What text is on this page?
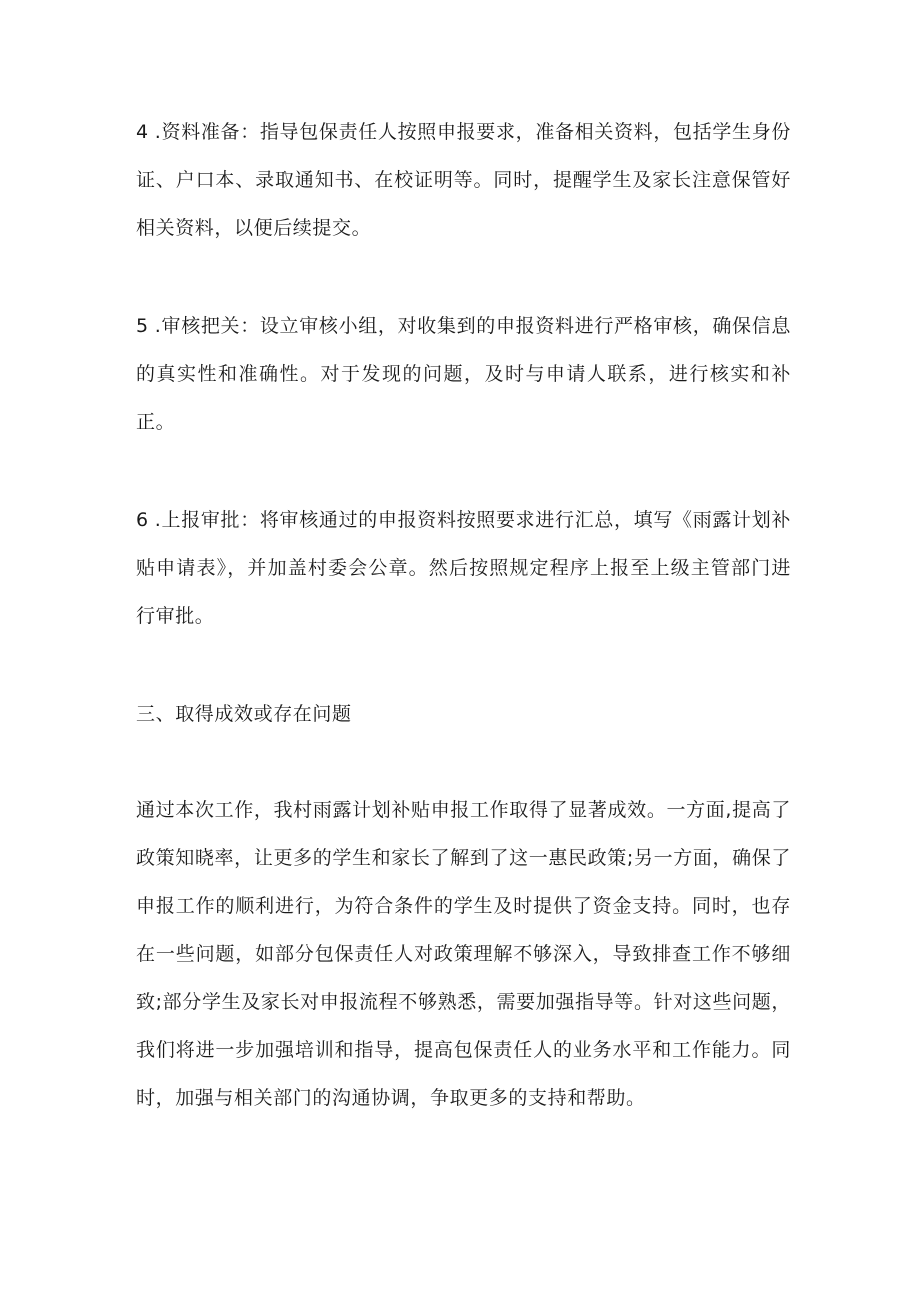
4 .资料准备：指导包保责任人按照申报要求，准备相关资料，包括学生身份证、户口本、录取通知书、在校证明等。同时，提醒学生及家长注意保管好相关资料，以便后续提交。

5 .审核把关：设立审核小组，对收集到的申报资料进行严格审核，确保信息的真实性和准确性。对于发现的问题，及时与申请人联系，进行核实和补正。

6 .上报审批：将审核通过的申报资料按照要求进行汇总，填写《雨露计划补贴申请表》，并加盖村委会公章。然后按照规定程序上报至上级主管部门进行审批。

三、取得成效或存在问题

通过本次工作，我村雨露计划补贴申报工作取得了显著成效。一方面,提高了政策知晓率，让更多的学生和家长了解到了这一惠民政策;另一方面，确保了申报工作的顺利进行，为符合条件的学生及时提供了资金支持。同时，也存在一些问题，如部分包保责任人对政策理解不够深入，导致排查工作不够细致;部分学生及家长对申报流程不够熟悉，需要加强指导等。针对这些问题，我们将进一步加强培训和指导，提高包保责任人的业务水平和工作能力。同时，加强与相关部门的沟通协调，争取更多的支持和帮助。
